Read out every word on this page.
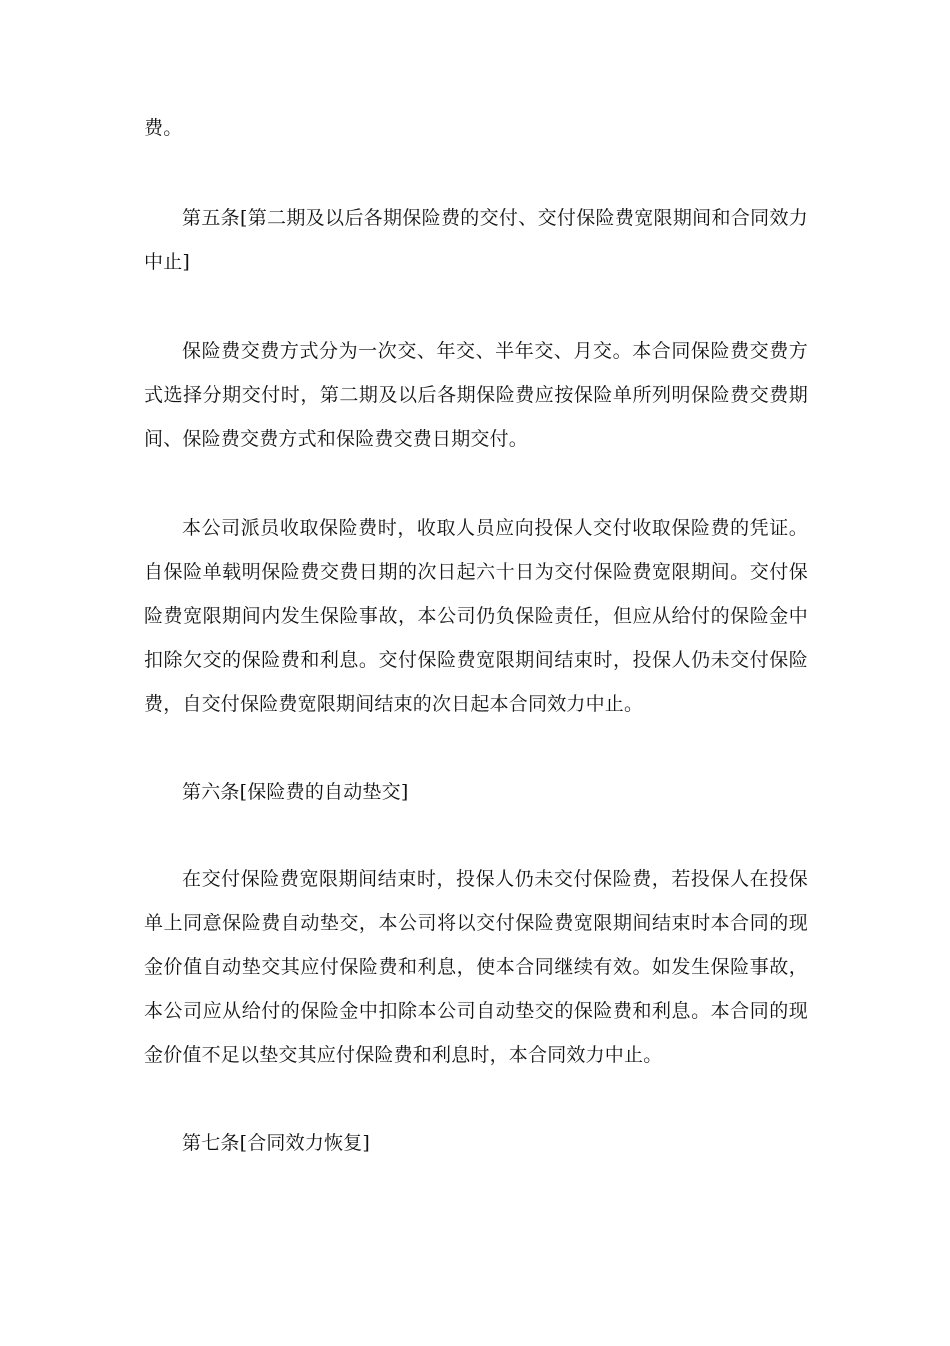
费。

第五条[第二期及以后各期保险费的交付、交付保险费宽限期间和合同效力中止]

保险费交费方式分为一次交、年交、半年交、月交。本合同保险费交费方式选择分期交付时，第二期及以后各期保险费应按保险单所列明保险费交费期间、保险费交费方式和保险费交费日期交付。

本公司派员收取保险费时，收取人员应向投保人交付收取保险费的凭证。自保险单载明保险费交费日期的次日起六十日为交付保险费宽限期间。交付保险费宽限期间内发生保险事故，本公司仍负保险责任，但应从给付的保险金中扣除欠交的保险费和利息。交付保险费宽限期间结束时，投保人仍未交付保险费，自交付保险费宽限期间结束的次日起本合同效力中止。

第六条[保险费的自动垫交]

在交付保险费宽限期间结束时，投保人仍未交付保险费，若投保人在投保单上同意保险费自动垫交，本公司将以交付保险费宽限期间结束时本合同的现金价值自动垫交其应付保险费和利息，使本合同继续有效。如发生保险事故，本公司应从给付的保险金中扣除本公司自动垫交的保险费和利息。本合同的现金价值不足以垫交其应付保险费和利息时，本合同效力中止。

第七条[合同效力恢复]
